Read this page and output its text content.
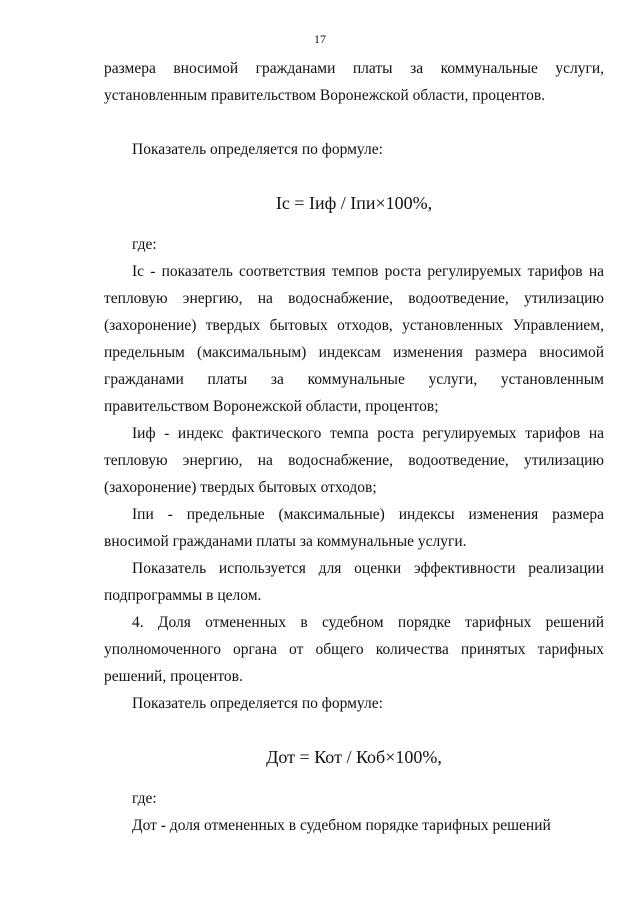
17

размера вносимой гражданами платы за коммунальные услуги, установленным правительством Воронежской области, процентов.

Показатель определяется по формуле:

Iс = Iиф / Iпи×100%,

где:

Iс - показатель соответствия темпов роста регулируемых тарифов на тепловую энергию, на водоснабжение, водоотведение, утилизацию (захоронение) твердых бытовых отходов, установленных Управлением, предельным (максимальным) индексам изменения размера вносимой гражданами платы за коммунальные услуги, установленным правительством Воронежской области, процентов;

Iиф - индекс фактического темпа роста регулируемых тарифов на тепловую энергию, на водоснабжение, водоотведение, утилизацию (захоронение) твердых бытовых отходов;

Iпи - предельные (максимальные) индексы изменения размера вносимой гражданами платы за коммунальные услуги.

Показатель используется для оценки эффективности реализации подпрограммы в целом.

4. Доля отмененных в судебном порядке тарифных решений уполномоченного органа от общего количества принятых тарифных решений, процентов.

Показатель определяется по формуле:

Дот = Кот / Коб×100%,

где:

Дот - доля отмененных в судебном порядке тарифных решений
